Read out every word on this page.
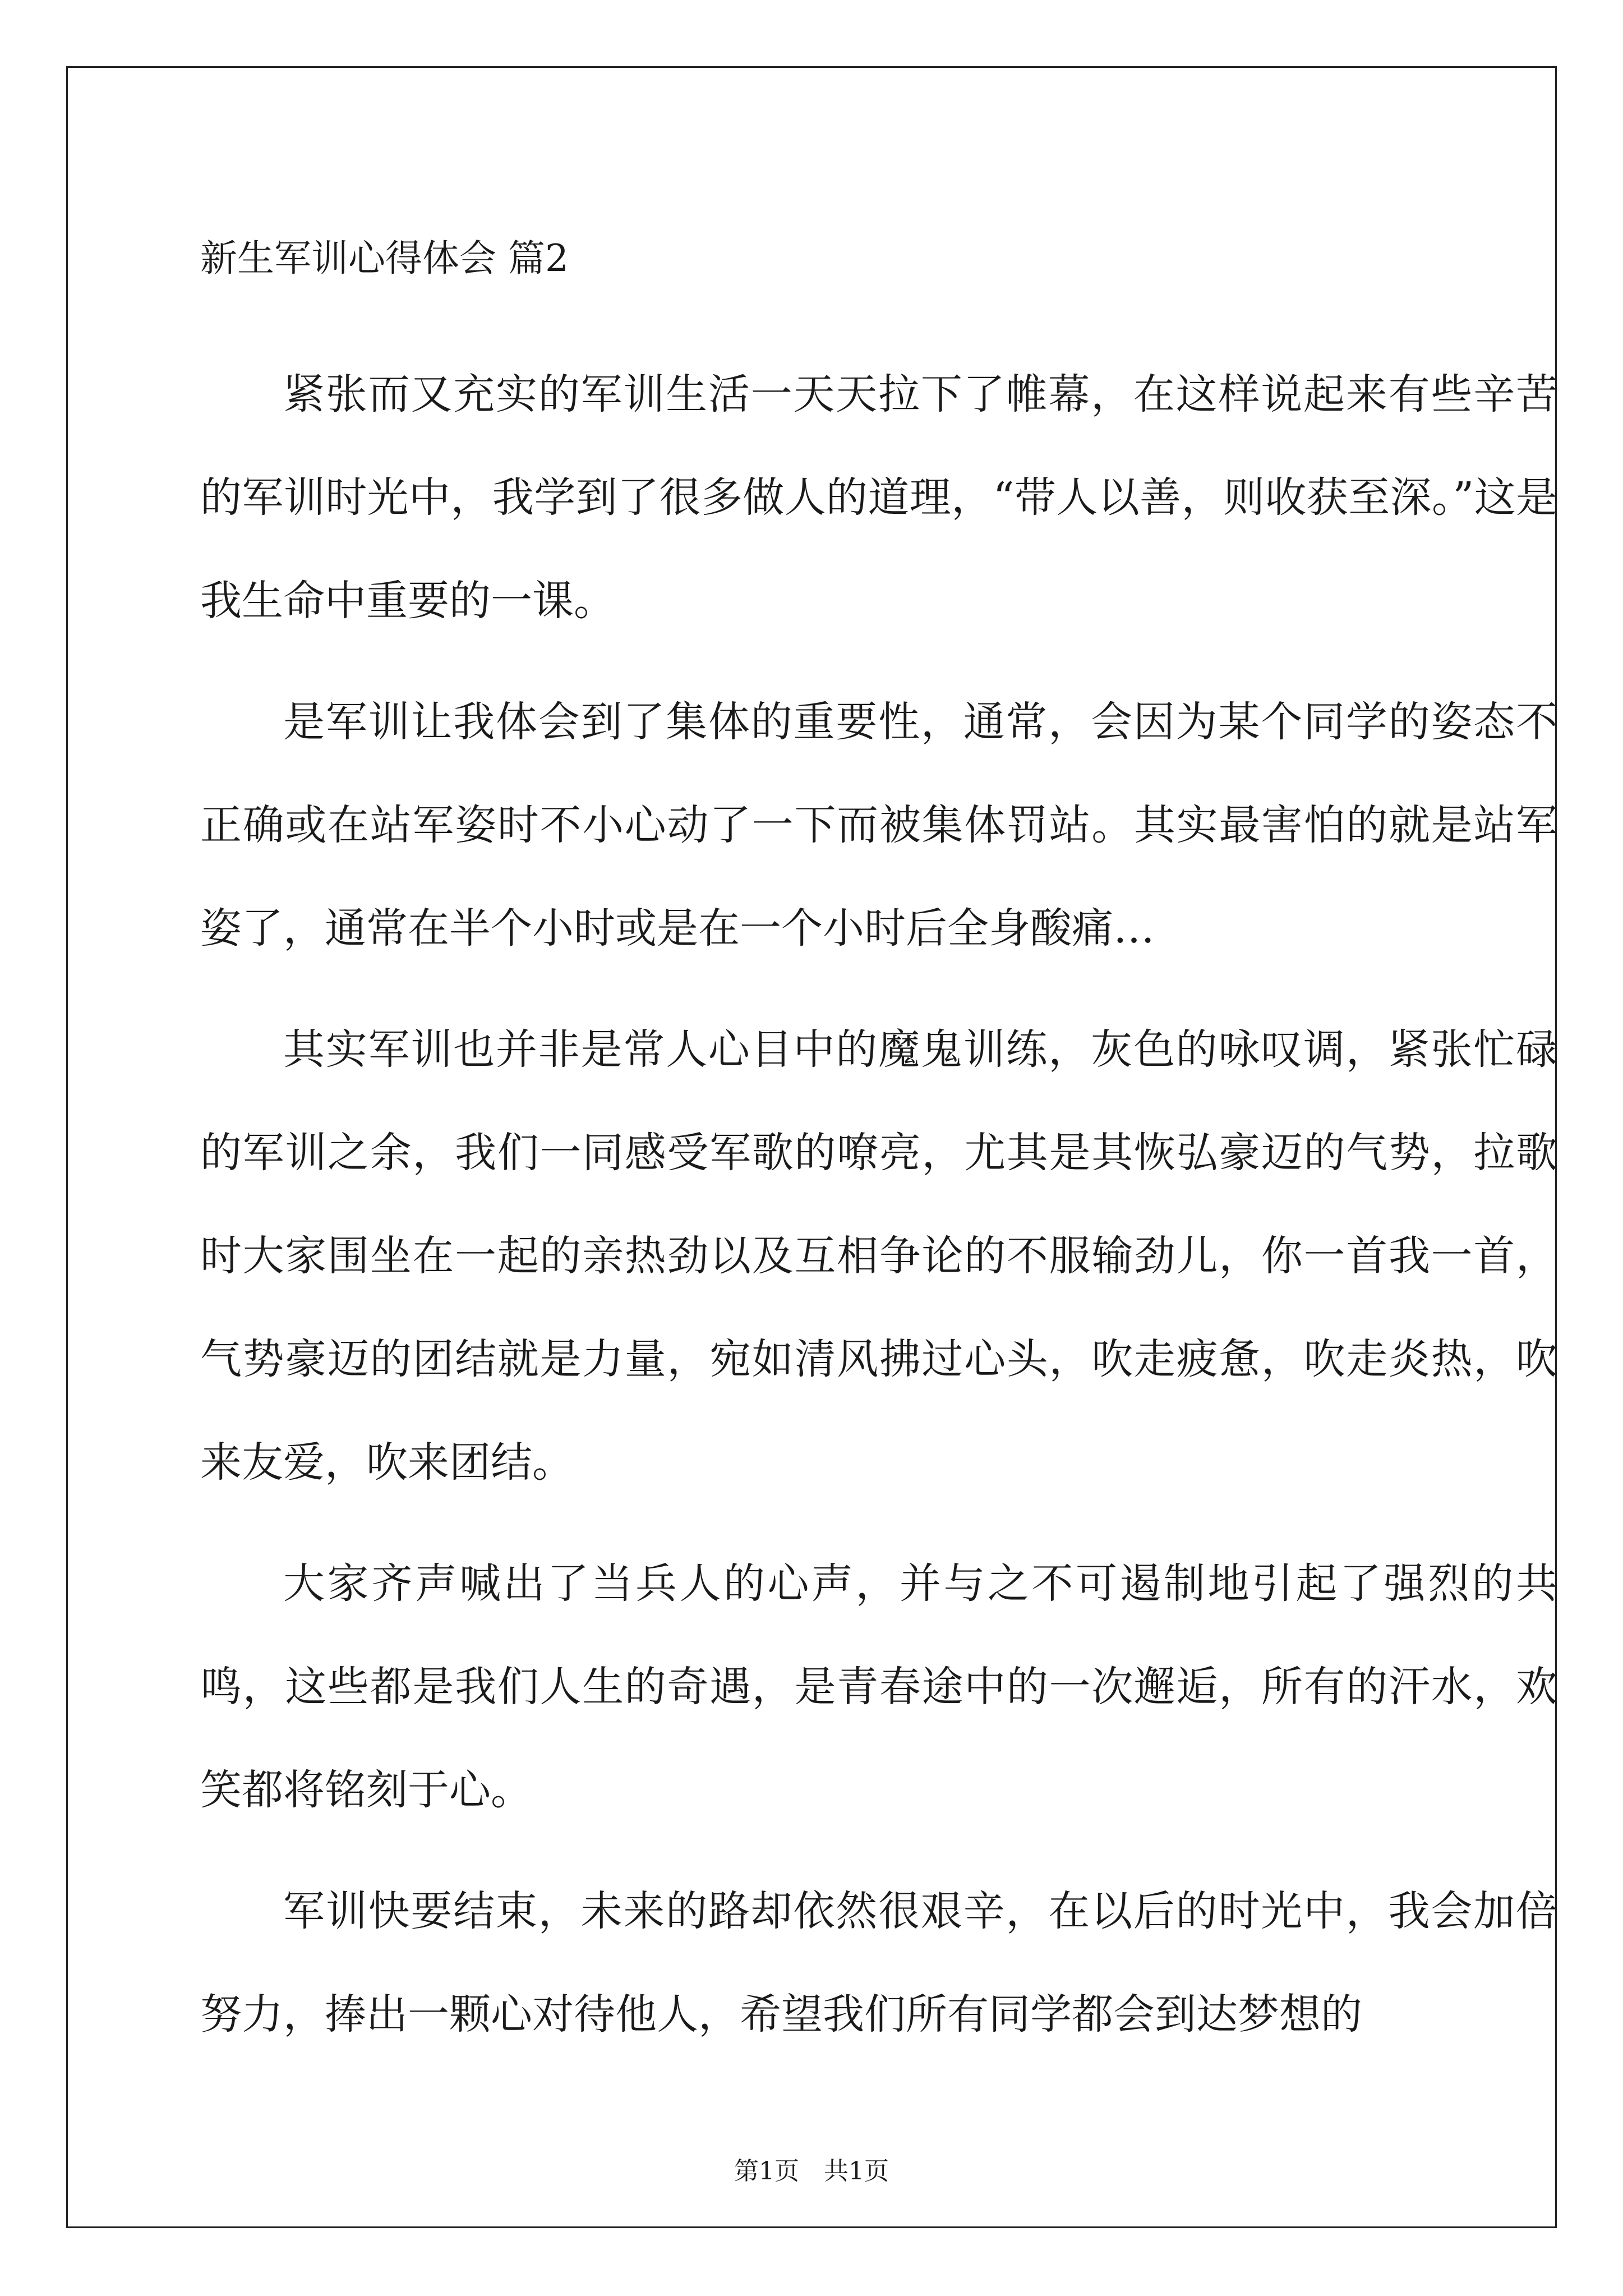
新生军训心得体会 篇2

紧张而又充实的军训生活一天天拉下了帷幕，在这样说起来有些辛苦的军训时光中，我学到了很多做人的道理，“带人以善，则收获至深。”这是我生命中重要的一课。

是军训让我体会到了集体的重要性，通常，会因为某个同学的姿态不正确或在站军姿时不小心动了一下而被集体罚站。其实最害怕的就是站军姿了，通常在半个小时或是在一个小时后全身酸痛…

其实军训也并非是常人心目中的魔鬼训练，灰色的咏叹调，紧张忙碌的军训之余，我们一同感受军歌的嘹亮，尤其是其恢弘豪迈的气势，拉歌时大家围坐在一起的亲热劲以及互相争论的不服输劲儿，你一首我一首，气势豪迈的团结就是力量，宛如清风拂过心头，吹走疲惫，吹走炎热，吹来友爱，吹来团结。

大家齐声喊出了当兵人的心声，并与之不可遏制地引起了强烈的共鸣，这些都是我们人生的奇遇，是青春途中的一次邂逅，所有的汗水，欢笑都将铭刻于心。

军训快要结束，未来的路却依然很艰辛，在以后的时光中，我会加倍努力，捧出一颗心对待他人，希望我们所有同学都会到达梦想的

第1页 共1页
